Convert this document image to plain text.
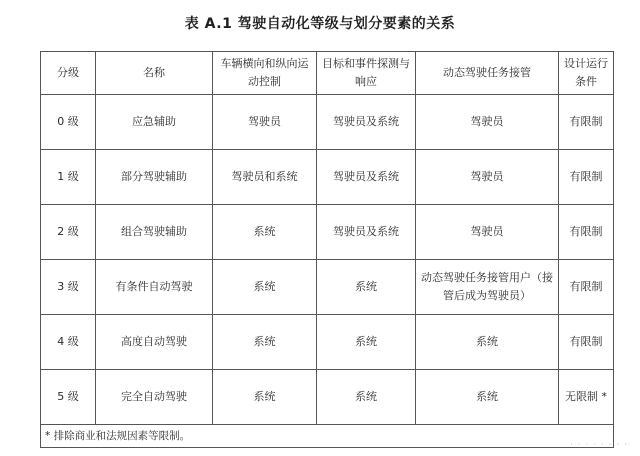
表 A.1 驾驶自动化等级与划分要素的关系
分级	名称	车辆横向和纵向运动控制	目标和事件探测与响应	动态驾驶任务接管	设计运行条件
0 级	应急辅助	驾驶员	驾驶员及系统	驾驶员	有限制
1 级	部分驾驶辅助	驾驶员和系统	驾驶员及系统	驾驶员	有限制
2 级	组合驾驶辅助	系统	驾驶员及系统	驾驶员	有限制
3 级	有条件自动驾驶	系统	系统	动态驾驶任务接管用户（接管后成为驾驶员）	有限制
4 级	高度自动驾驶	系统	系统	系统	有限制
5 级	完全自动驾驶	系统	系统	系统	无限制 *
* 排除商业和法规因素等限制。					
· · · · · · · ·
